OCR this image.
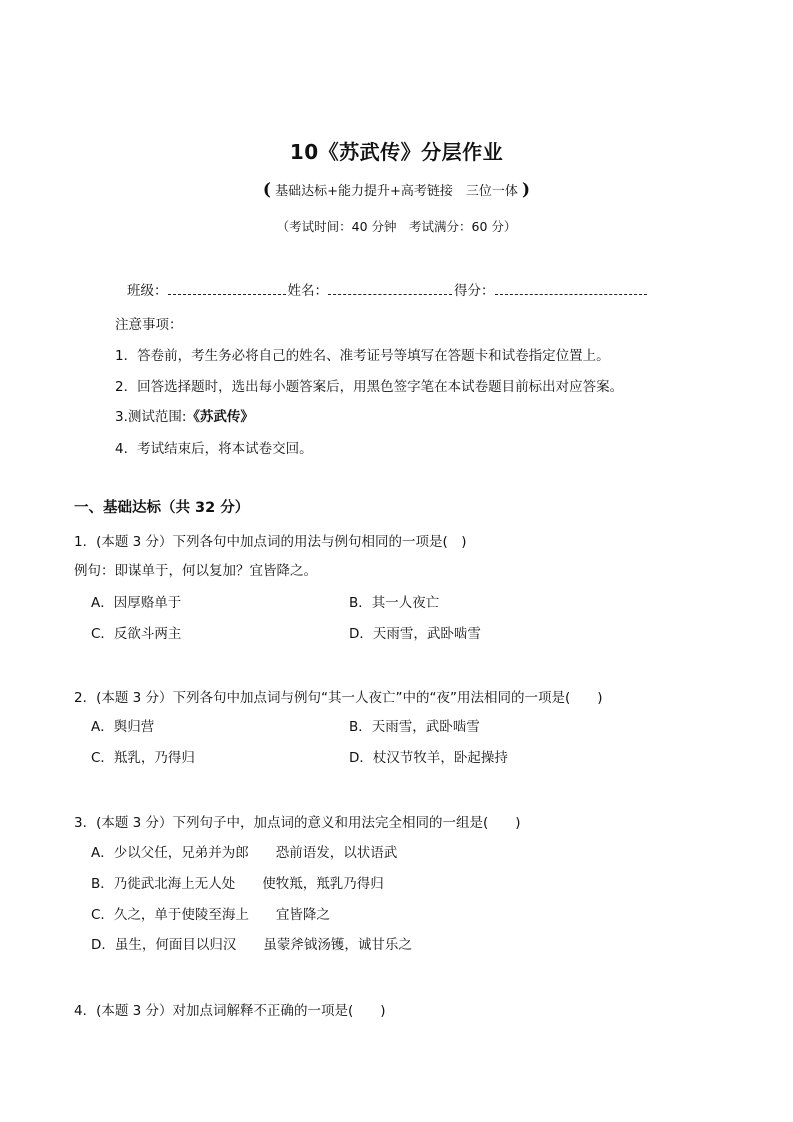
10《苏武传》分层作业
( 基础达标+能力提升+高考链接　三位一体 )
（考试时间：40 分钟　考试满分：60 分）
班级：	姓名：	得分：
注意事项：
1．答卷前，考生务必将自己的姓名、准考证号等填写在答题卡和试卷指定位置上。
2．回答选择题时，选出每小题答案后，用黑色签字笔在本试卷题目前标出对应答案。
3.测试范围:《苏武传》
4．考试结束后，将本试卷交回。
一、基础达标（共 32 分）
1．(本题 3 分）下列各句中加点词的用法与例句相同的一项是(　)
例句：即谋单于，何以复加？宜皆降之。
A．因厚赂单于	B．其一人夜亡
C．反欲斗两主	D．天雨雪，武卧啮雪
2．(本题 3 分）下列各句中加点词与例句“其一人夜亡”中的“夜”用法相同的一项是(　　)
A．舆归营	B．天雨雪，武卧啮雪
C．羝乳，乃得归	D．杖汉节牧羊，卧起操持
3．(本题 3 分）下列句子中，加点词的意义和用法完全相同的一组是(　　)
A．少以父任，兄弟并为郎　　恐前语发，以状语武
B．乃徙武北海上无人处　　使牧羝，羝乳乃得归
C．久之，单于使陵至海上　　宜皆降之
D．虽生，何面目以归汉　　虽蒙斧钺汤镬，诚甘乐之
4．(本题 3 分）对加点词解释不正确的一项是(　　)
